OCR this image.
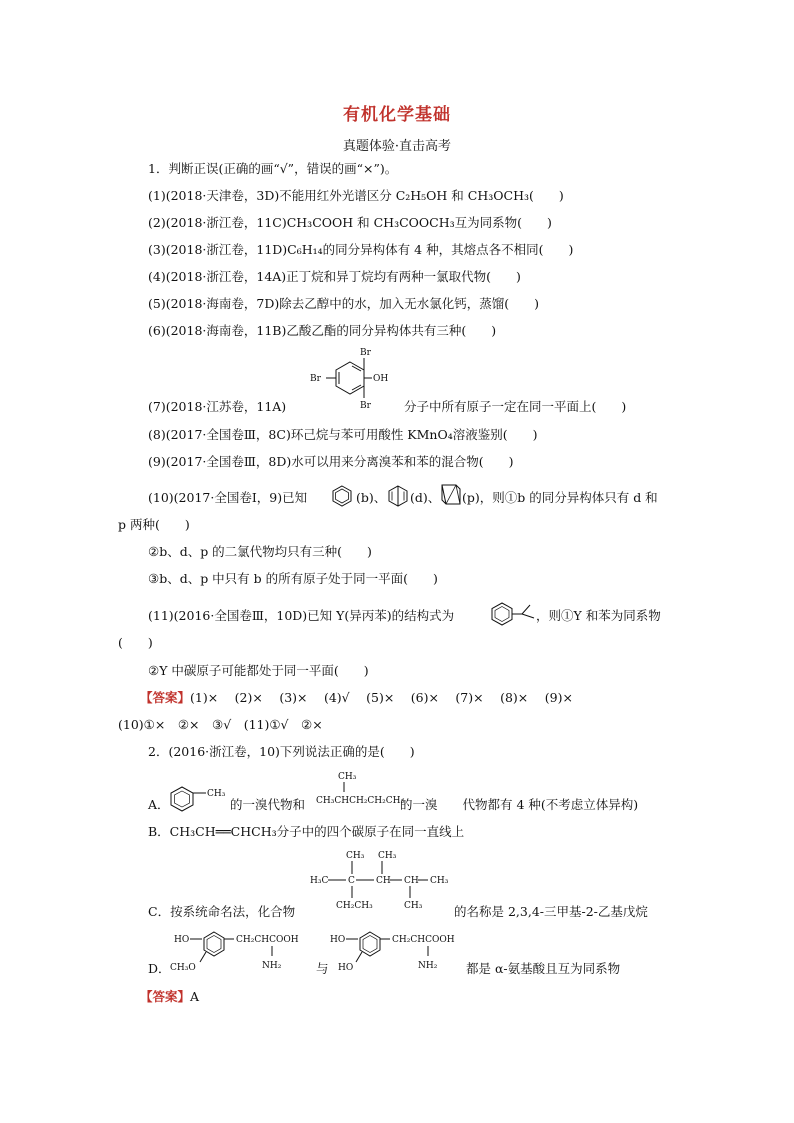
有机化学基础
真题体验·直击高考
1．判断正误(正确的画“√”，错误的画“×”)。
(1)(2018·天津卷，3D)不能用红外光谱区分 C₂H₅OH 和 CH₃OCH₃(　　)
(2)(2018·浙江卷，11C)CH₃COOH 和 CH₃COOCH₃互为同系物(　　)
(3)(2018·浙江卷，11D)C₆H₁₄的同分异构体有 4 种，其熔点各不相同(　　)
(4)(2018·浙江卷，14A)正丁烷和异丁烷均有两种一氯取代物(　　)
(5)(2018·海南卷，7D)除去乙醇中的水，加入无水氯化钙，蒸馏(　　)
(6)(2018·海南卷，11B)乙酸乙酯的同分异构体共有三种(　　)
Br
Br	OH
Br
(7)(2018·江苏卷，11A)	分子中所有原子一定在同一平面上(　　)
(8)(2017·全国卷Ⅲ，8C)环己烷与苯可用酸性 KMnO₄溶液鉴别(　　)
(9)(2017·全国卷Ⅲ，8D)水可以用来分离溴苯和苯的混合物(　　)
(10)(2017·全国卷Ⅰ，9)已知	(b)、 (d)、 (p)，则①b 的同分异构体只有 d 和
p 两种(　　)
②b、d、p 的二氯代物均只有三种(　　)
③b、d、p 中只有 b 的所有原子处于同一平面(　　)
(11)(2016·全国卷Ⅲ，10D)已知 Y(异丙苯)的结构式为	，则①Y 和苯为同系物
(　　)
②Y 中碳原子可能都处于同一平面(　　)
【答案】(1)×　 (2)×　 (3)×　 (4)√　 (5)×　 (6)×　 (7)×　 (8)×　 (9)×
(10)①×　②×　③√　(11)①√　②×
2．(2016·浙江卷，10)下列说法正确的是(　　)
A．
CH₃
的一溴代物和
CH₃
CH₃CHCH₂CH₂CH₃
的一溴　　代物都有 4 种(不考虑立体异构)
B．CH₃CH══CHCH₃分子中的四个碳原子在同一直线上
CH₃ CH₃
H₃C C CH CH CH₃
CH₂CH₃	CH₃
C．按系统命名法，化合物	的名称是 2,3,4-三甲基-2-乙基戊烷
D．
HO	CH₂CHCOOH
NH₂
CH₃O	与
HO	CH₂CHCOOH
NH₂
HO	都是 α-氨基酸且互为同系物
【答案】A
